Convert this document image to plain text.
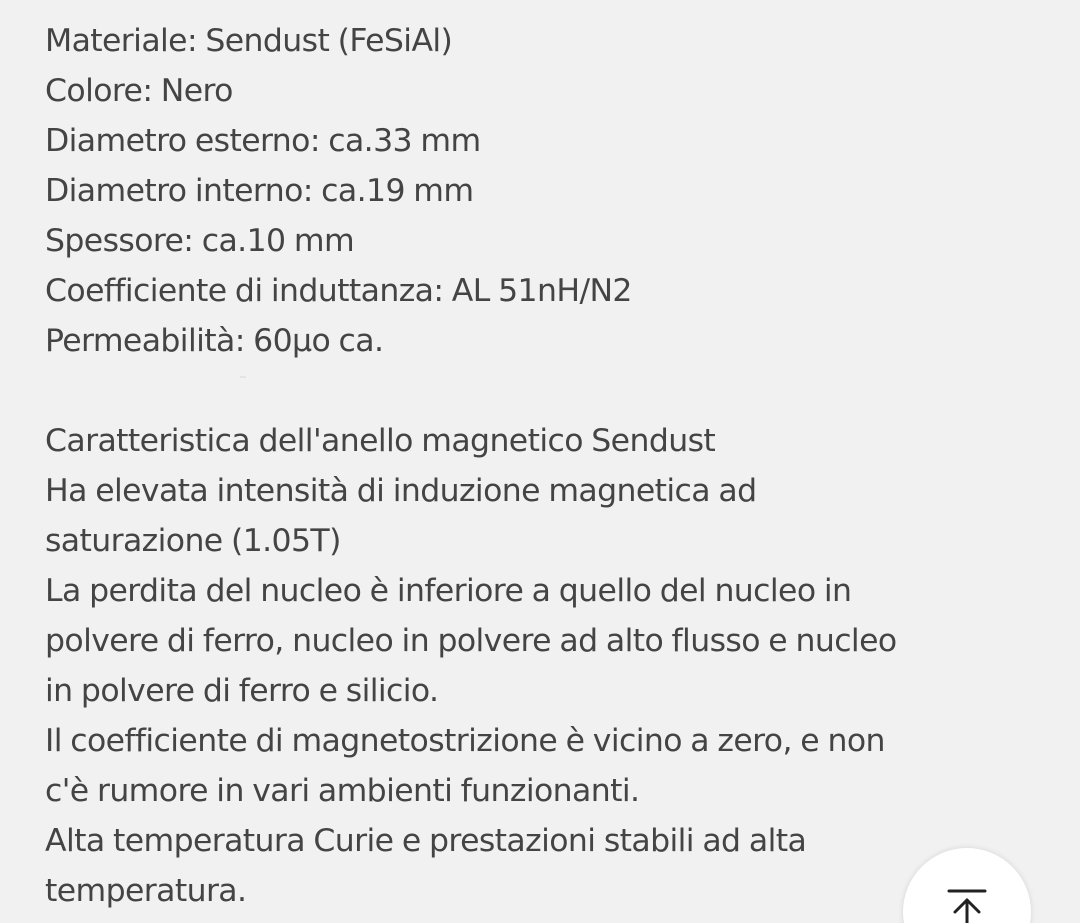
Materiale: Sendust (FeSiAl)
Colore: Nero
Diametro esterno: ca.33 mm
Diametro interno: ca.19 mm
Spessore: ca.10 mm
Coefficiente di induttanza: AL 51nH/N2
Permeabilità: 60µo ca.
Caratteristica dell'anello magnetico Sendust
Ha elevata intensità di induzione magnetica ad
saturazione (1.05T)
La perdita del nucleo è inferiore a quello del nucleo in
polvere di ferro, nucleo in polvere ad alto flusso e nucleo
in polvere di ferro e silicio.
Il coefficiente di magnetostrizione è vicino a zero, e non
c'è rumore in vari ambienti funzionanti.
Alta temperatura Curie e prestazioni stabili ad alta
temperatura.
